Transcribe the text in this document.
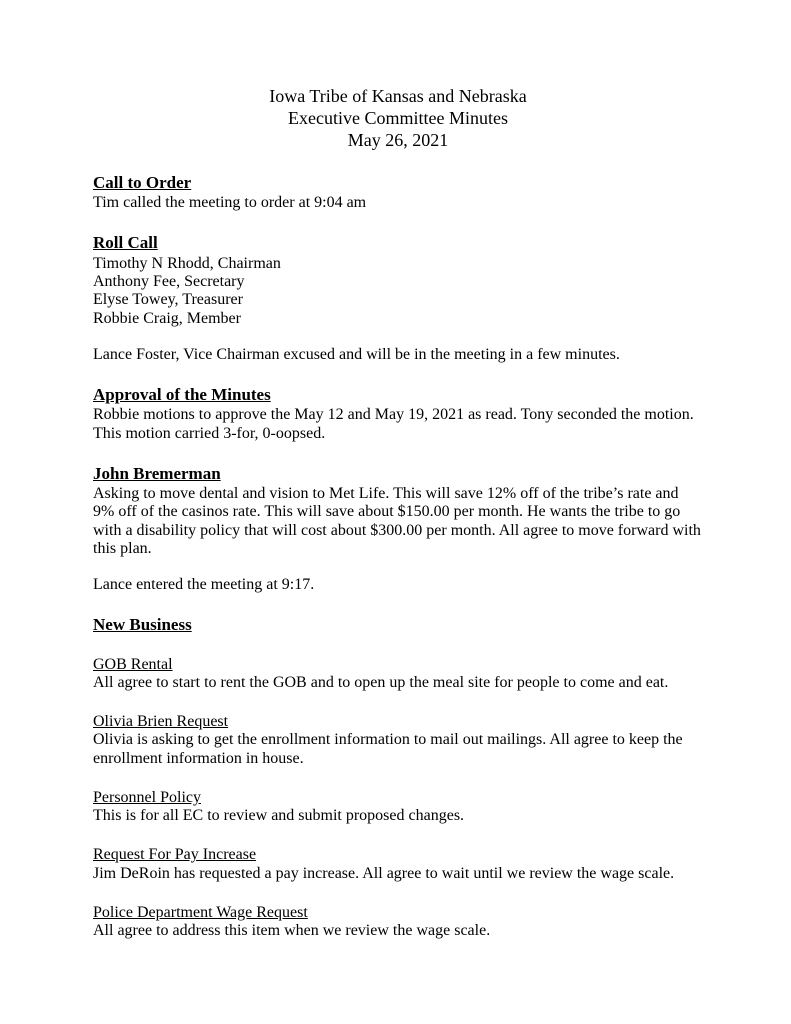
Iowa Tribe of Kansas and Nebraska
Executive Committee Minutes
May 26, 2021
Call to Order

Tim called the meeting to order at 9:04 am

Roll Call
Timothy N Rhodd, Chairman
Anthony Fee, Secretary
Elyse Towey, Treasurer
Robbie Craig, Member

Lance Foster, Vice Chairman excused and will be in the meeting in a few minutes.

Approval of the Minutes

Robbie motions to approve the May 12 and May 19, 2021 as read. Tony seconded the motion. This motion carried 3-for, 0-oopsed.

John Bremerman

Asking to move dental and vision to Met Life. This will save 12% off of the tribe’s rate and 9% off of the casinos rate. This will save about $150.00 per month. He wants the tribe to go with a disability policy that will cost about $300.00 per month. All agree to move forward with this plan.

Lance entered the meeting at 9:17.

New Business

GOB Rental

All agree to start to rent the GOB and to open up the meal site for people to come and eat.

Olivia Brien Request

Olivia is asking to get the enrollment information to mail out mailings. All agree to keep the enrollment information in house.

Personnel Policy

This is for all EC to review and submit proposed changes.

Request For Pay Increase

Jim DeRoin has requested a pay increase. All agree to wait until we review the wage scale.

Police Department Wage Request

All agree to address this item when we review the wage scale.
